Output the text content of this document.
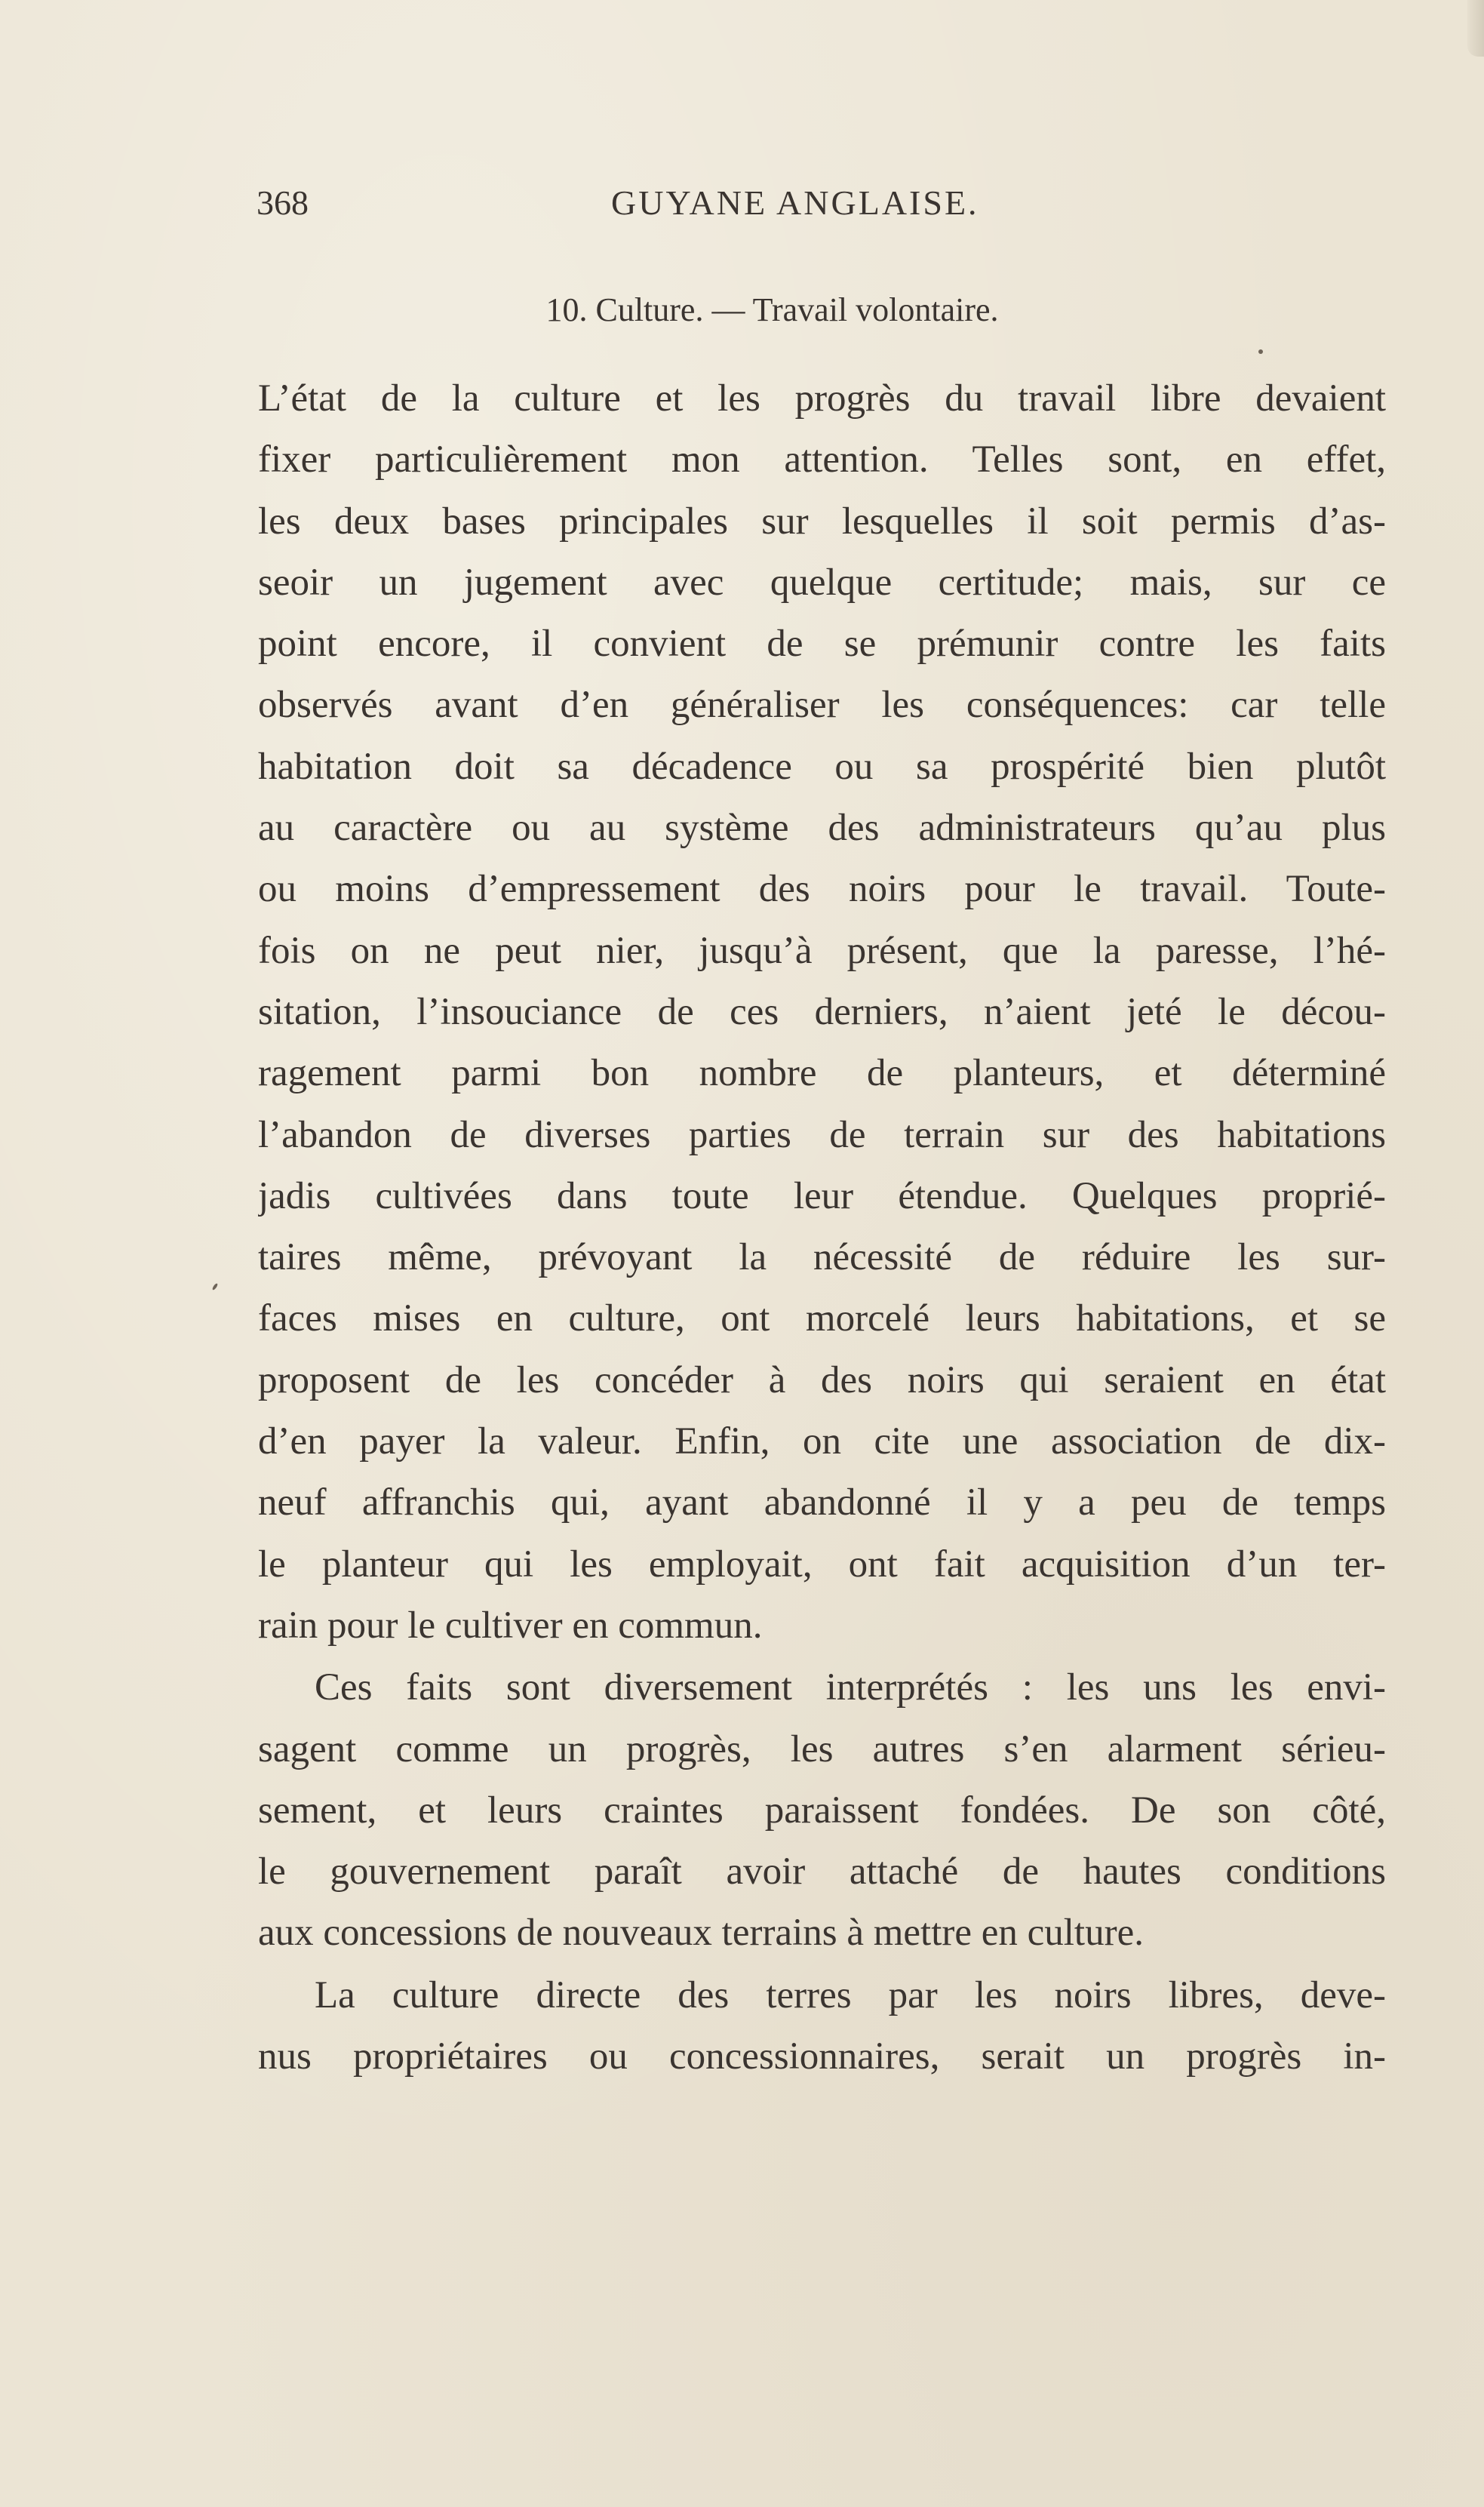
368	GUYANE ANGLAISE.
10. Culture. — Travail volontaire.
L’état de la culture et les progrès du travail libre devaient
fixer particulièrement mon attention. Telles sont, en effet,
les deux bases principales sur lesquelles il soit permis d’as-
seoir un jugement avec quelque certitude; mais, sur ce
point encore, il convient de se prémunir contre les faits
observés avant d’en généraliser les conséquences: car telle
habitation doit sa décadence ou sa prospérité bien plutôt
au caractère ou au système des administrateurs qu’au plus
ou moins d’empressement des noirs pour le travail. Toute-
fois on ne peut nier, jusqu’à présent, que la paresse, l’hé-
sitation, l’insouciance de ces derniers, n’aient jeté le décou-
ragement parmi bon nombre de planteurs, et déterminé
l’abandon de diverses parties de terrain sur des habitations
jadis cultivées dans toute leur étendue. Quelques proprié-
taires même, prévoyant la nécessité de réduire les sur-
faces mises en culture, ont morcelé leurs habitations, et se
proposent de les concéder à des noirs qui seraient en état
d’en payer la valeur. Enfin, on cite une association de dix-
neuf affranchis qui, ayant abandonné il y a peu de temps
le planteur qui les employait, ont fait acquisition d’un ter-
rain pour le cultiver en commun.
Ces faits sont diversement interprétés : les uns les envi-
sagent comme un progrès, les autres s’en alarment sérieu-
sement, et leurs craintes paraissent fondées. De son côté,
le gouvernement paraît avoir attaché de hautes conditions
aux concessions de nouveaux terrains à mettre en culture.
La culture directe des terres par les noirs libres, deve-
nus propriétaires ou concessionnaires, serait un progrès in-
